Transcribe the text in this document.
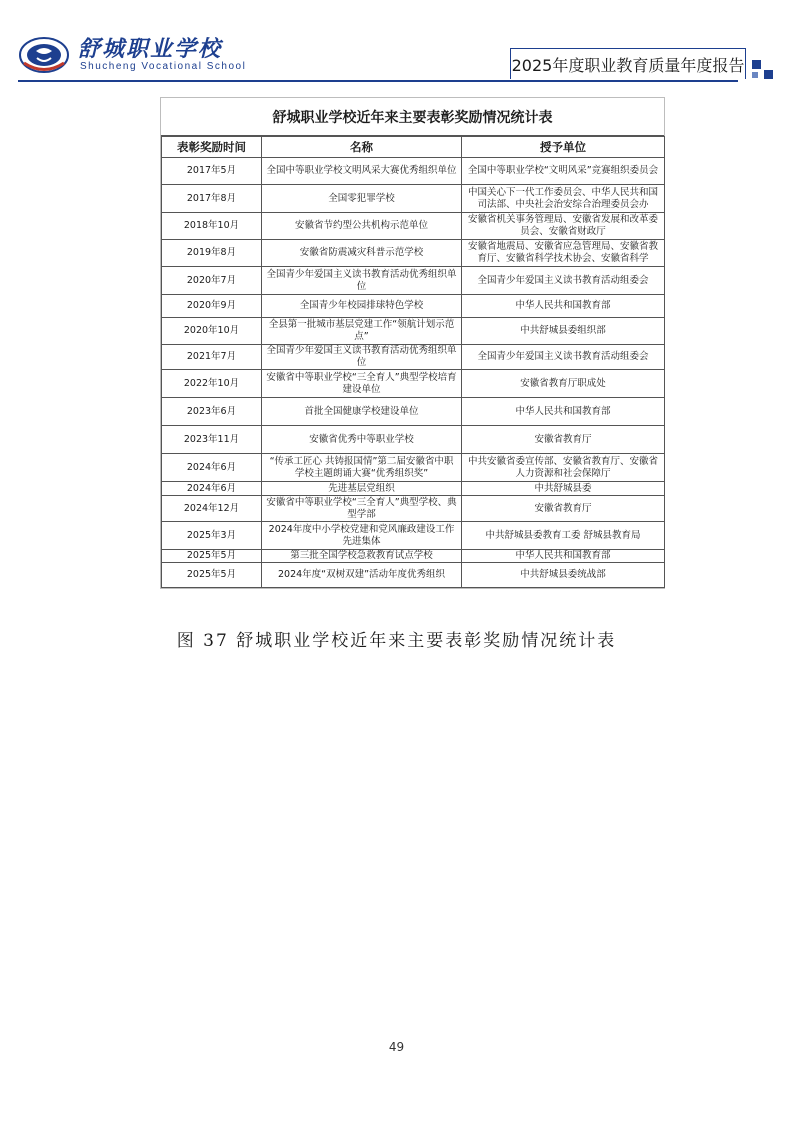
舒城职业学校
Shucheng Vocational School	2025年度职业教育质量年度报告
舒城职业学校近年来主要表彰奖励情况统计表
表彰奖励时间	名称	授予单位
2017年5月	全国中等职业学校文明风采大赛优秀组织单位	全国中等职业学校“文明风采”竞赛组织委员会
2017年8月	全国零犯罪学校	中国关心下一代工作委员会、中华人民共和国司法部、中央社会治安综合治理委员会办
2018年10月	安徽省节约型公共机构示范单位	安徽省机关事务管理局、安徽省发展和改革委员会、安徽省财政厅
2019年8月	安徽省防震减灾科普示范学校	安徽省地震局、安徽省应急管理局、安徽省教育厅、安徽省科学技术协会、安徽省科学
2020年7月	全国青少年爱国主义读书教育活动优秀组织单位	全国青少年爱国主义读书教育活动组委会
2020年9月	全国青少年校园排球特色学校	中华人民共和国教育部
2020年10月	全县第一批城市基层党建工作“领航计划示范点”	中共舒城县委组织部
2021年7月	全国青少年爱国主义读书教育活动优秀组织单位	全国青少年爱国主义读书教育活动组委会
2022年10月	安徽省中等职业学校“三全育人”典型学校培育建设单位	安徽省教育厅职成处
2023年6月	首批全国健康学校建设单位	中华人民共和国教育部
2023年11月	安徽省优秀中等职业学校	安徽省教育厅
2024年6月	“传承工匠心 共铸报国情”第二届安徽省中职学校主题朗诵大赛“优秀组织奖”	中共安徽省委宣传部、安徽省教育厅、安徽省人力资源和社会保障厅
2024年6月	先进基层党组织	中共舒城县委
2024年12月	安徽省中等职业学校“三全育人”典型学校、典型学部	安徽省教育厅
2025年3月	2024年度中小学校党建和党风廉政建设工作先进集体	中共舒城县委教育工委 舒城县教育局
2025年5月	第三批全国学校急救教育试点学校	中华人民共和国教育部
2025年5月	2024年度“双树双建”活动年度优秀组织	中共舒城县委统战部
图 37 舒城职业学校近年来主要表彰奖励情况统计表
49
